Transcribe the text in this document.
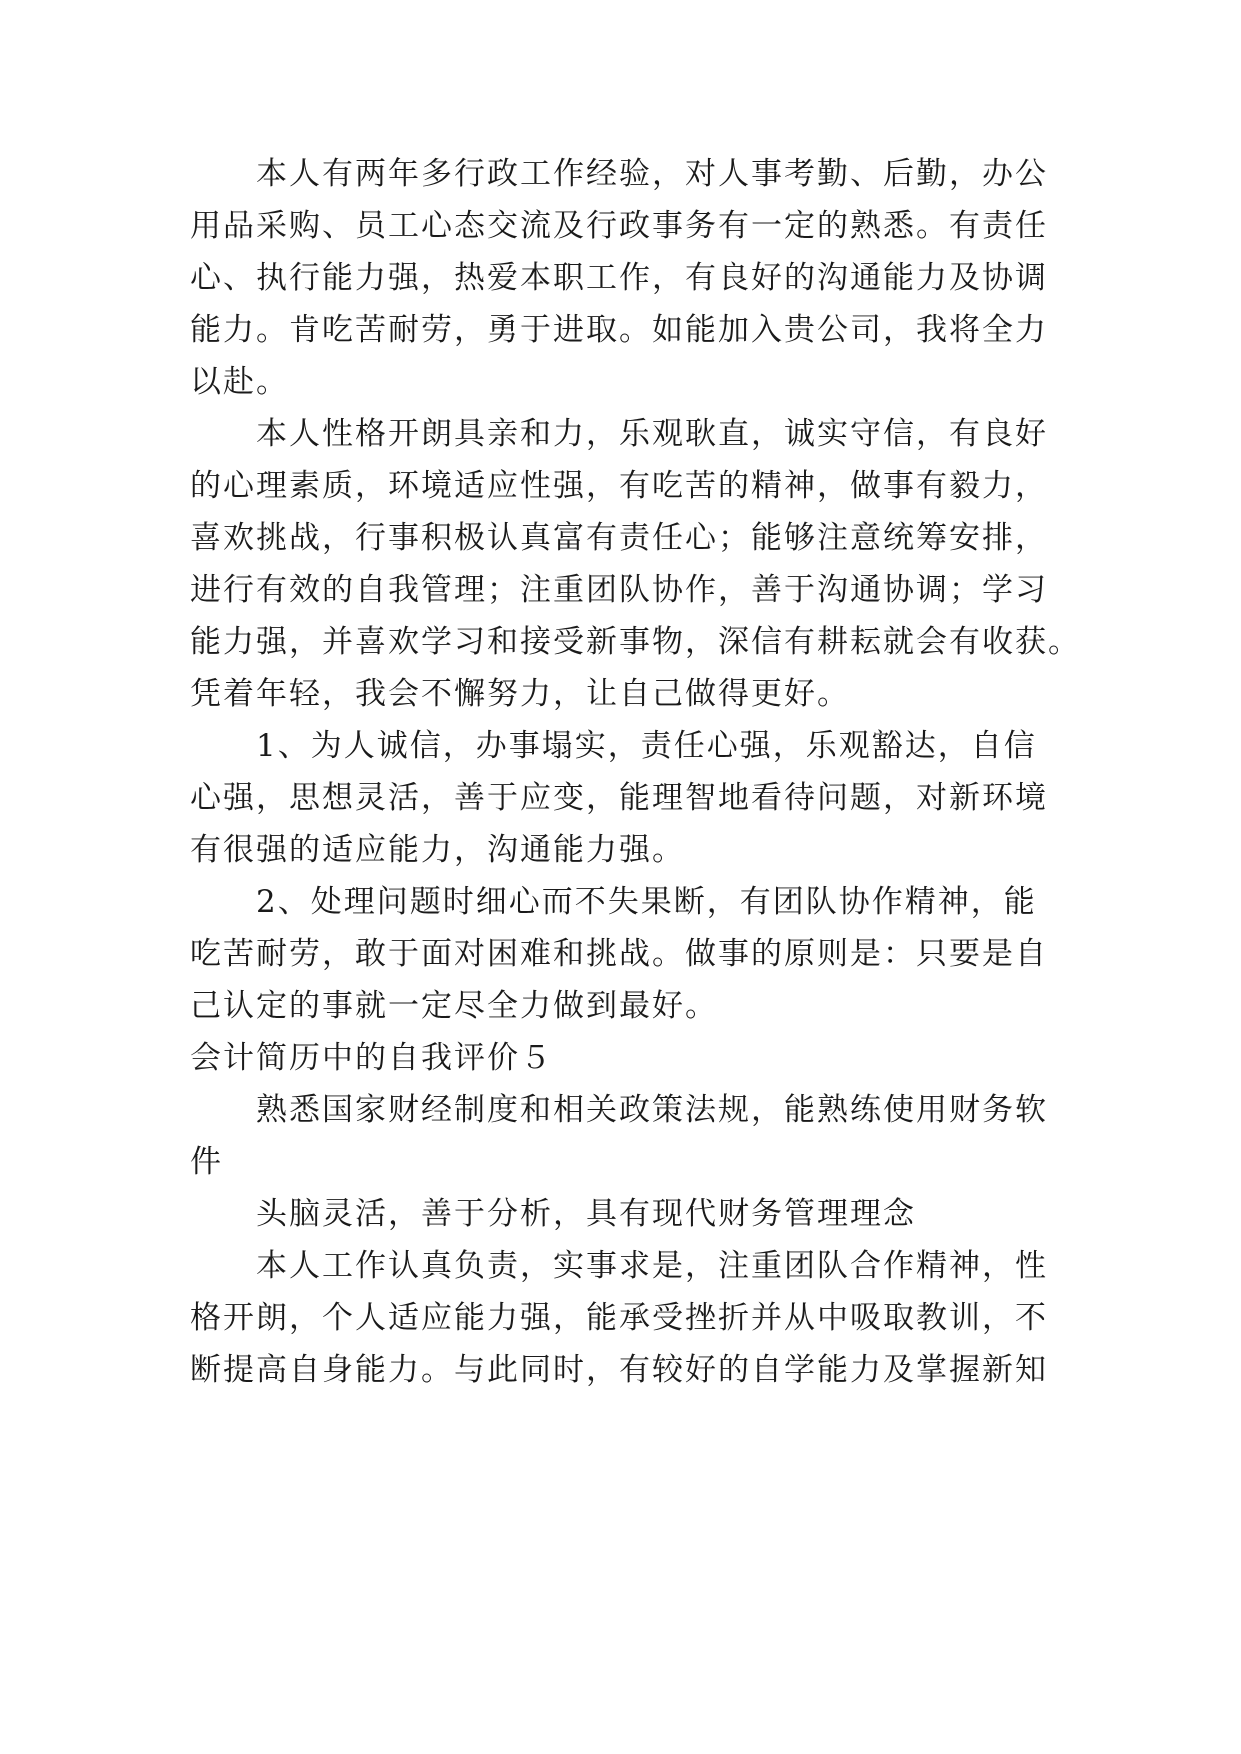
本人有两年多行政工作经验，对人事考勤、后勤，办公
用品采购、员工心态交流及行政事务有一定的熟悉。有责任
心、执行能力强，热爱本职工作，有良好的沟通能力及协调
能力。肯吃苦耐劳，勇于进取。如能加入贵公司，我将全力
以赴。
本人性格开朗具亲和力，乐观耿直，诚实守信，有良好
的心理素质，环境适应性强，有吃苦的精神，做事有毅力，
喜欢挑战，行事积极认真富有责任心；能够注意统筹安排，
进行有效的自我管理；注重团队协作，善于沟通协调；学习
能力强，并喜欢学习和接受新事物，深信有耕耘就会有收获。
凭着年轻，我会不懈努力，让自己做得更好。
1、为人诚信，办事塌实，责任心强，乐观豁达，自信
心强，思想灵活，善于应变，能理智地看待问题，对新环境
有很强的适应能力，沟通能力强。
2、处理问题时细心而不失果断，有团队协作精神，能
吃苦耐劳，敢于面对困难和挑战。做事的原则是：只要是自
己认定的事就一定尽全力做到最好。
会计简历中的自我评价５
熟悉国家财经制度和相关政策法规，能熟练使用财务软
件
头脑灵活，善于分析，具有现代财务管理理念
本人工作认真负责，实事求是，注重团队合作精神，性
格开朗，个人适应能力强，能承受挫折并从中吸取教训，不
断提高自身能力。与此同时，有较好的自学能力及掌握新知
